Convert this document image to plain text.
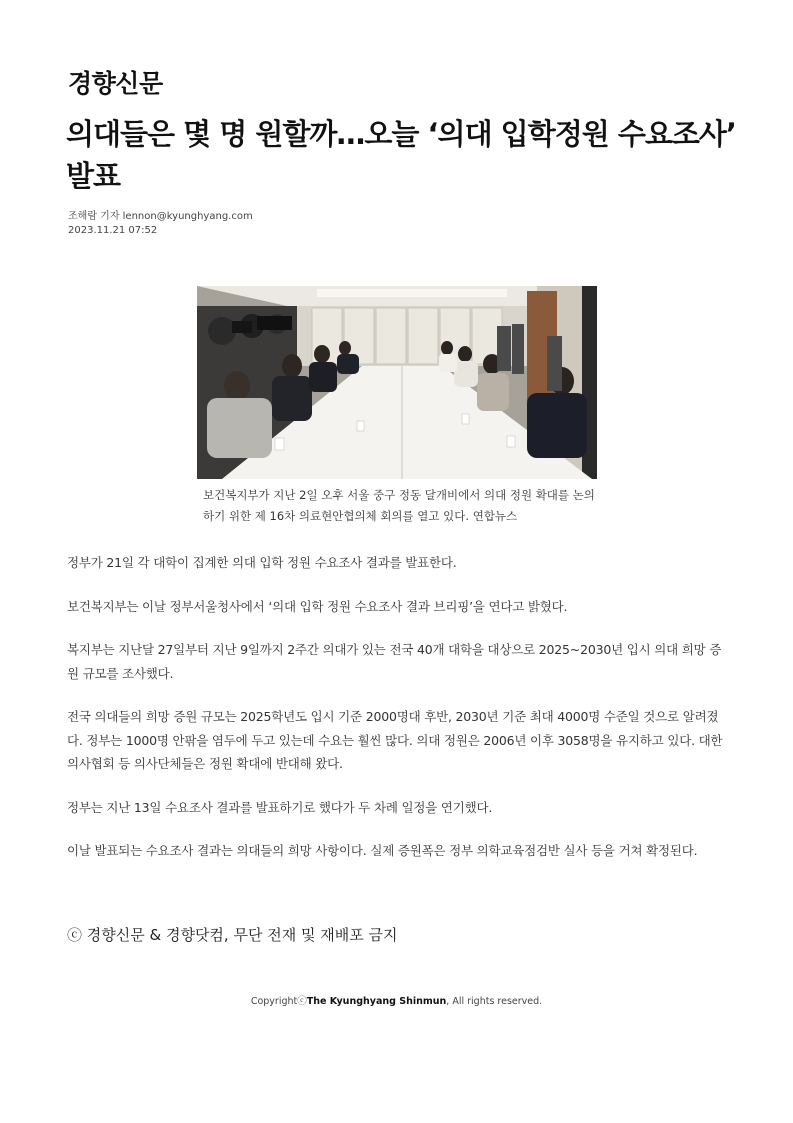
경향신문
의대들은 몇 명 원할까…오늘 ‘의대 입학정원 수요조사’ 발표
조해람 기자 lennon@kyunghyang.com
2023.11.21 07:52

보건복지부가 지난 2일 오후 서울 중구 정동 달개비에서 의대 정원 확대를 논의하기 위한 제 16차 의료현안협의체 회의를 열고 있다. 연합뉴스

정부가 21일 각 대학이 집계한 의대 입학 정원 수요조사 결과를 발표한다.

보건복지부는 이날 정부서울청사에서 ‘의대 입학 정원 수요조사 결과 브리핑’을 연다고 밝혔다.

복지부는 지난달 27일부터 지난 9일까지 2주간 의대가 있는 전국 40개 대학을 대상으로 2025~2030년 입시 의대 희망 증원 규모를 조사했다.

전국 의대들의 희망 증원 규모는 2025학년도 입시 기준 2000명대 후반, 2030년 기준 최대 4000명 수준일 것으로 알려졌다. 정부는 1000명 안팎을 염두에 두고 있는데 수요는 훨씬 많다. 의대 정원은 2006년 이후 3058명을 유지하고 있다. 대한의사협회 등 의사단체들은 정원 확대에 반대해 왔다.

정부는 지난 13일 수요조사 결과를 발표하기로 했다가 두 차례 일정을 연기했다.

이날 발표되는 수요조사 결과는 의대들의 희망 사항이다. 실제 증원폭은 정부 의학교육점검반 실사 등을 거쳐 확정된다.

ⓒ 경향신문 & 경향닷컴, 무단 전재 및 재배포 금지
CopyrightⓒThe Kyunghyang Shinmun, All rights reserved.
